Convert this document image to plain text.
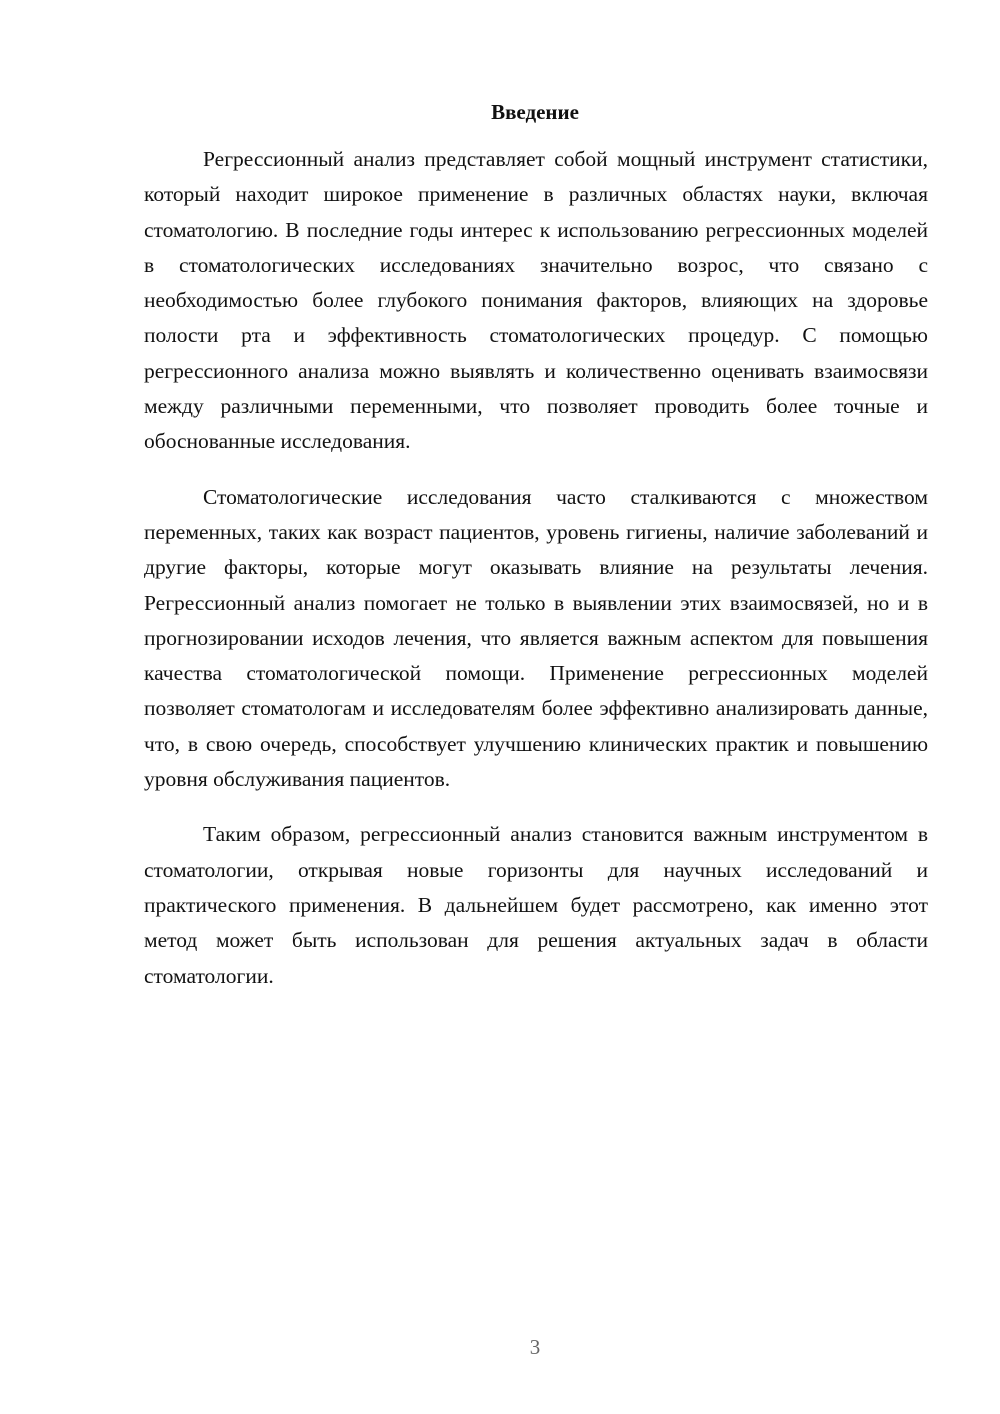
Введение

Регрессионный анализ представляет собой мощный инструмент статистики, который находит широкое применение в различных областях науки, включая стоматологию. В последние годы интерес к использованию регрессионных моделей в стоматологических исследованиях значительно возрос, что связано с необходимостью более глубокого понимания факторов, влияющих на здоровье полости рта и эффективность стоматологических процедур. С помощью регрессионного анализа можно выявлять и количественно оценивать взаимосвязи между различными переменными, что позволяет проводить более точные и обоснованные исследования.

Стоматологические исследования часто сталкиваются с множеством переменных, таких как возраст пациентов, уровень гигиены, наличие заболеваний и другие факторы, которые могут оказывать влияние на результаты лечения. Регрессионный анализ помогает не только в выявлении этих взаимосвязей, но и в прогнозировании исходов лечения, что является важным аспектом для повышения качества стоматологической помощи. Применение регрессионных моделей позволяет стоматологам и исследователям более эффективно анализировать данные, что, в свою очередь, способствует улучшению клинических практик и повышению уровня обслуживания пациентов.

Таким образом, регрессионный анализ становится важным инструментом в стоматологии, открывая новые горизонты для научных исследований и практического применения. В дальнейшем будет рассмотрено, как именно этот метод может быть использован для решения актуальных задач в области стоматологии.

3
